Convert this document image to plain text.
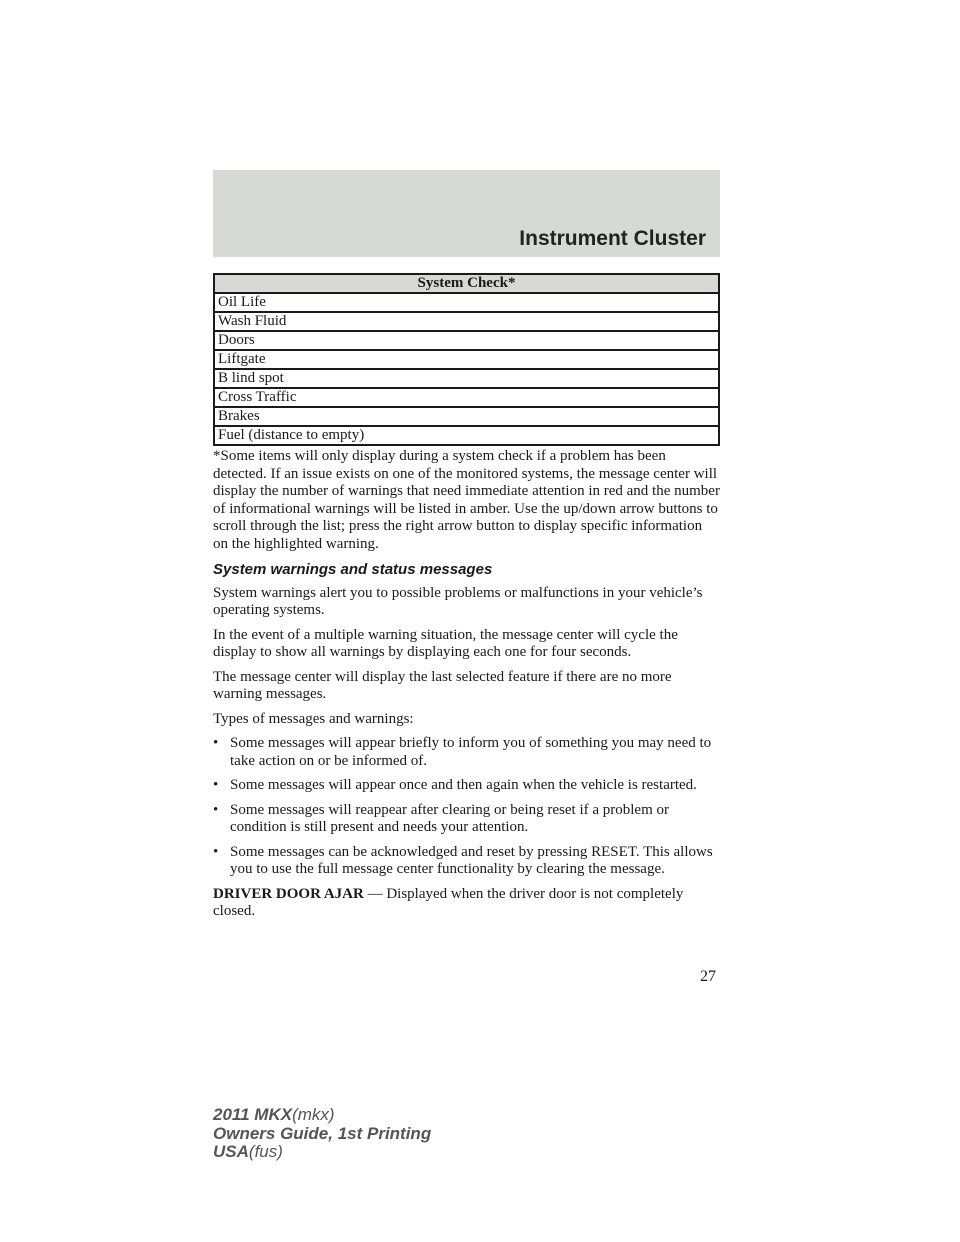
Instrument Cluster
System Check*
Oil Life
Wash Fluid
Doors
Liftgate
B lind spot
Cross Traffic
Brakes
Fuel (distance to empty)

*Some items will only display during a system check if a problem has been detected. If an issue exists on one of the monitored systems, the message center will display the number of warnings that need immediate attention in red and the number of informational warnings will be listed in amber. Use the up/down arrow buttons to scroll through the list; press the right arrow button to display specific information on the highlighted warning.

System warnings and status messages

System warnings alert you to possible problems or malfunctions in your vehicle’s operating systems.

In the event of a multiple warning situation, the message center will cycle the display to show all warnings by displaying each one for four seconds.

The message center will display the last selected feature if there are no more warning messages.

Types of messages and warnings:

• Some messages will appear briefly to inform you of something you may need to take action on or be informed of.
• Some messages will appear once and then again when the vehicle is restarted.
• Some messages will reappear after clearing or being reset if a problem or condition is still present and needs your attention.
• Some messages can be acknowledged and reset by pressing RESET. This allows you to use the full message center functionality by clearing the message.

DRIVER DOOR AJAR — Displayed when the driver door is not completely closed.

27
2011 MKX(mkx)
Owners Guide, 1st Printing
USA(fus)
